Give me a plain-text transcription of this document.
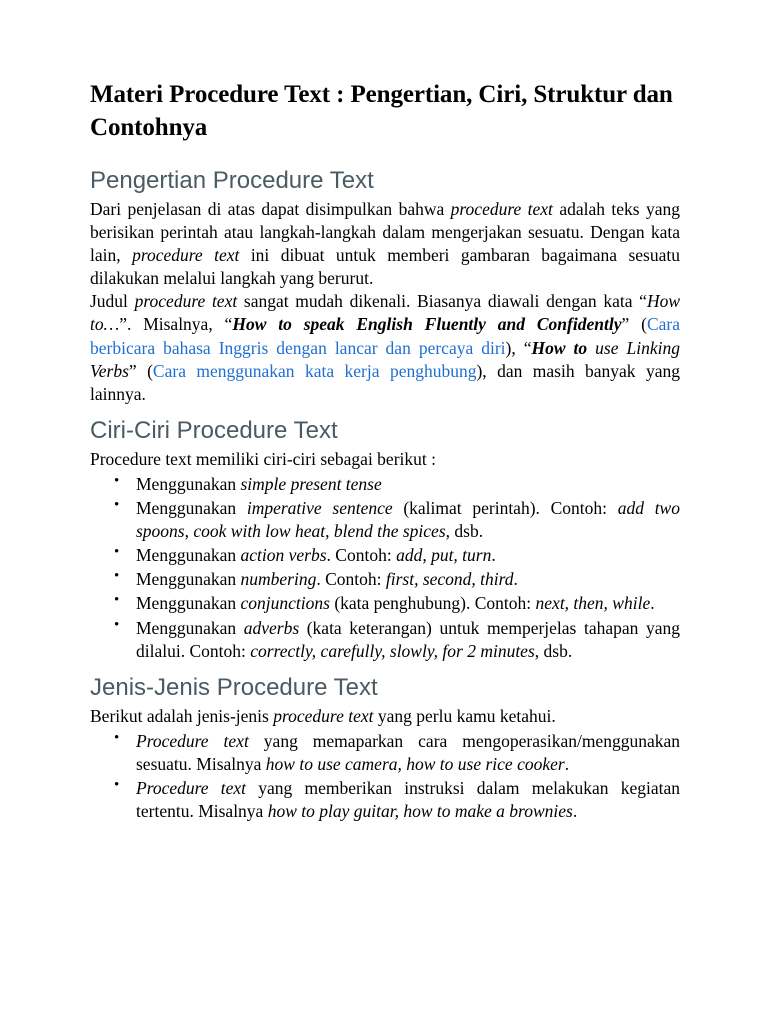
Materi Procedure Text : Pengertian, Ciri, Struktur dan Contohnya
Pengertian Procedure Text

Dari penjelasan di atas dapat disimpulkan bahwa procedure text adalah teks yang berisikan perintah atau langkah-langkah dalam mengerjakan sesuatu. Dengan kata lain, procedure text ini dibuat untuk memberi gambaran bagaimana sesuatu dilakukan melalui langkah yang berurut.

Judul procedure text sangat mudah dikenali. Biasanya diawali dengan kata “How to…”. Misalnya, “How to speak English Fluently and Confidently” (Cara berbicara bahasa Inggris dengan lancar dan percaya diri), “How to use Linking Verbs” (Cara menggunakan kata kerja penghubung), dan masih banyak yang lainnya.

Ciri-Ciri Procedure Text

Procedure text memiliki ciri-ciri sebagai berikut :

• Menggunakan simple present tense
• Menggunakan imperative sentence (kalimat perintah). Contoh: add two spoons, cook with low heat, blend the spices, dsb.
• Menggunakan action verbs. Contoh: add, put, turn.
• Menggunakan numbering. Contoh: first, second, third.
• Menggunakan conjunctions (kata penghubung). Contoh: next, then, while.
• Menggunakan adverbs (kata keterangan) untuk memperjelas tahapan yang dilalui. Contoh: correctly, carefully, slowly, for 2 minutes, dsb.
Jenis-Jenis Procedure Text

Berikut adalah jenis-jenis procedure text yang perlu kamu ketahui.

• Procedure text yang memaparkan cara mengoperasikan/menggunakan sesuatu. Misalnya how to use camera, how to use rice cooker.
• Procedure text yang memberikan instruksi dalam melakukan kegiatan tertentu. Misalnya how to play guitar, how to make a brownies.
